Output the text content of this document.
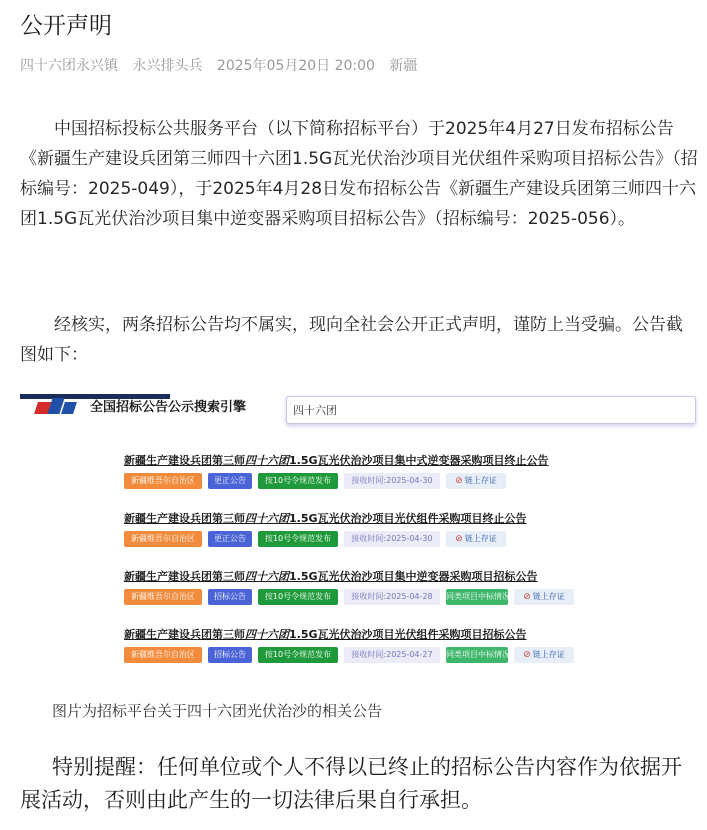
公开声明
四十六团永兴镇 永兴排头兵 2025年05月20日 20:00 新疆

中国招标投标公共服务平台（以下简称招标平台）于2025年4月27日发布招标公告《新疆生产建设兵团第三师四十六团1.5G瓦光伏治沙项目光伏组件采购项目招标公告》（招标编号：2025-049），于2025年4月28日发布招标公告《新疆生产建设兵团第三师四十六团1.5G瓦光伏治沙项目集中逆变器采购项目招标公告》（招标编号：2025-056）。

经核实，两条招标公告均不属实，现向全社会公开正式声明，谨防上当受骗。公告截图如下：

全国招标公告公示搜索引擎
四十六团
新疆生产建设兵团第三师四十六团1.5G瓦光伏治沙项目集中式逆变器采购项目终止公告
新疆维吾尔自治区 更正公告 按10号令规范发布	接收时间:2025-04-30	⊘ 链上存证
新疆生产建设兵团第三师四十六团1.5G瓦光伏治沙项目光伏组件采购项目终止公告
新疆维吾尔自治区 更正公告 按10号令规范发布	接收时间:2025-04-30	⊘ 链上存证
新疆生产建设兵团第三师四十六团1.5G瓦光伏治沙项目集中逆变器采购项目招标公告
新疆维吾尔自治区 招标公告 按10号令规范发布	接收时间:2025-04-28 同类项目中标情况 ⊘ 链上存证
新疆生产建设兵团第三师四十六团1.5G瓦光伏治沙项目光伏组件采购项目招标公告
新疆维吾尔自治区 招标公告 按10号令规范发布	接收时间:2025-04-27 同类项目中标情况 ⊘ 链上存证
图片为招标平台关于四十六团光伏治沙的相关公告

特别提醒：任何单位或个人不得以已终止的招标公告内容作为依据开展活动，否则由此产生的一切法律后果自行承担。
